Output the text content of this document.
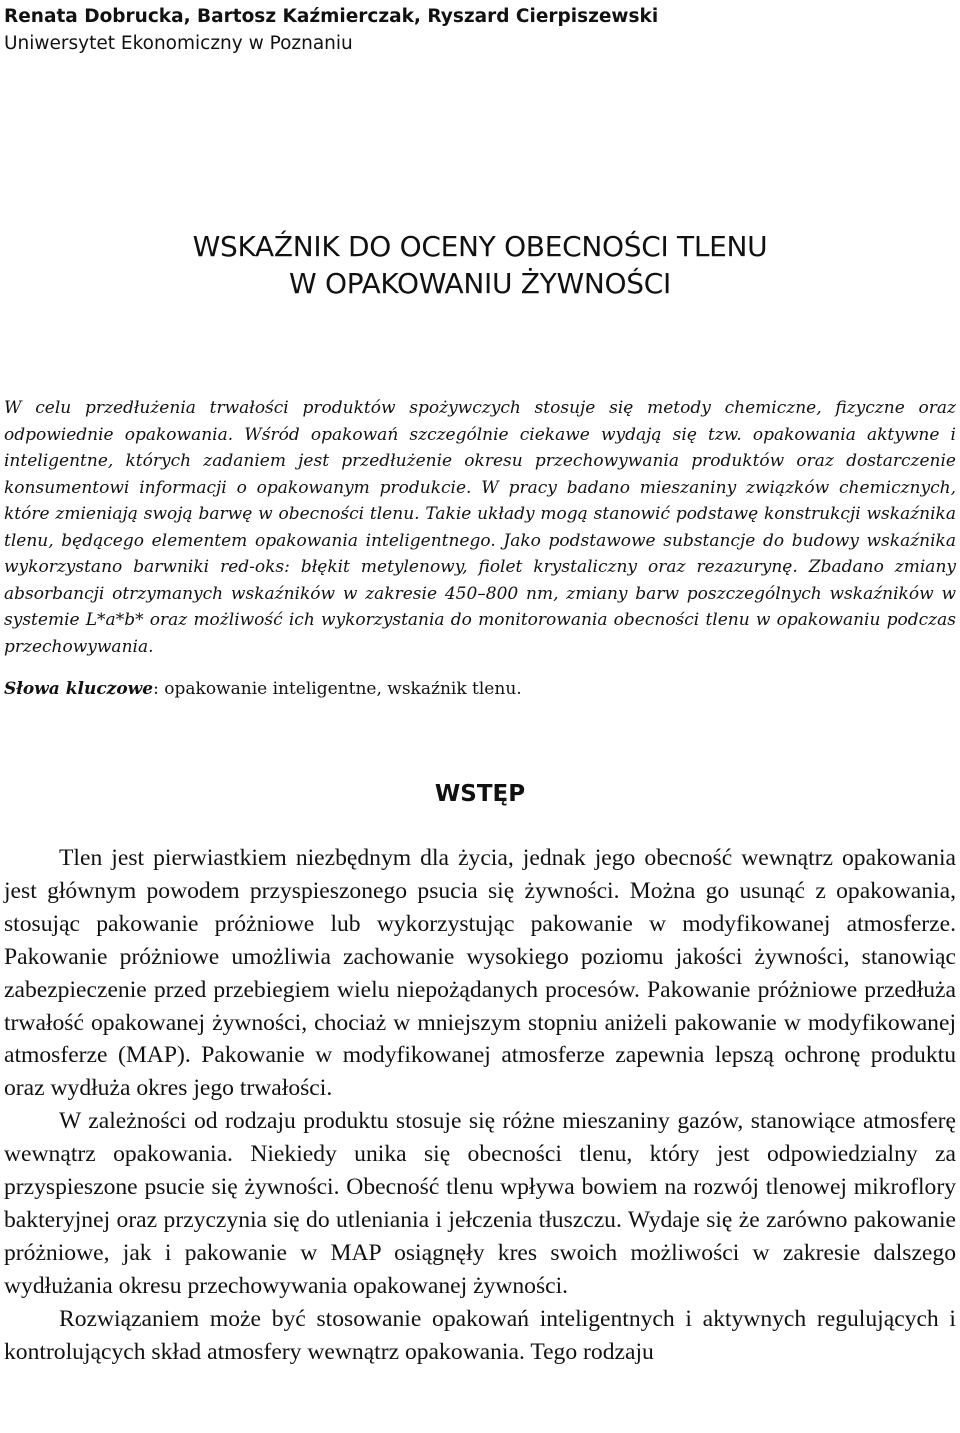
Renata Dobrucka, Bartosz Kaźmierczak, Ryszard Cierpiszewski
Uniwersytet Ekonomiczny w Poznaniu
WSKAŹNIK DO OCENY OBECNOŚCI TLENU
W OPAKOWANIU ŻYWNOŚCI
W celu przedłużenia trwałości produktów spożywczych stosuje się metody chemiczne, fizyczne oraz odpowiednie opakowania. Wśród opakowań szczególnie ciekawe wydają się tzw. opakowania aktywne i inteligentne, których zadaniem jest przedłużenie okresu przechowywania produktów oraz dostarczenie konsumentowi informacji o opakowanym produkcie. W pracy badano mieszaniny związków chemicznych, które zmieniają swoją barwę w obecności tlenu. Takie układy mogą stanowić podstawę konstrukcji wskaźnika tlenu, będącego elementem opakowania inteligentnego. Jako podstawowe substancje do budowy wskaźnika wykorzystano barwniki red-oks: błękit metylenowy, fiolet krystaliczny oraz rezazurynę. Zbadano zmiany absorbancji otrzymanych wskaźników w zakresie 450–800 nm, zmiany barw poszczególnych wskaźników w systemie L*a*b* oraz możliwość ich wykorzystania do monitorowania obecności tlenu w opakowaniu podczas przechowywania.
Słowa kluczowe: opakowanie inteligentne, wskaźnik tlenu.
WSTĘP

Tlen jest pierwiastkiem niezbędnym dla życia, jednak jego obecność wewnątrz opakowania jest głównym powodem przyspieszonego psucia się żywności. Można go usunąć z opakowania, stosując pakowanie próżniowe lub wykorzystując pakowanie w modyfikowanej atmosferze. Pakowanie próżniowe umożliwia zachowanie wysokiego poziomu jakości żywności, stanowiąc zabezpieczenie przed przebiegiem wielu niepożądanych procesów. Pakowanie próżniowe przedłuża trwałość opakowanej żywności, chociaż w mniejszym stopniu aniżeli pakowanie w modyfikowanej atmosferze (MAP). Pakowanie w modyfikowanej atmosferze zapewnia lepszą ochronę produktu oraz wydłuża okres jego trwałości.

W zależności od rodzaju produktu stosuje się różne mieszaniny gazów, stanowiące atmosferę wewnątrz opakowania. Niekiedy unika się obecności tlenu, który jest odpowiedzialny za przyspieszone psucie się żywności. Obecność tlenu wpływa bowiem na rozwój tlenowej mikroflory bakteryjnej oraz przyczynia się do utleniania i jełczenia tłuszczu. Wydaje się że zarówno pakowanie próżniowe, jak i pakowanie w MAP osiągnęły kres swoich możliwości w zakresie dalszego wydłużania okresu przechowywania opakowanej żywności.

Rozwiązaniem może być stosowanie opakowań inteligentnych i aktywnych regulujących i kontrolujących skład atmosfery wewnątrz opakowania. Tego rodzaju
